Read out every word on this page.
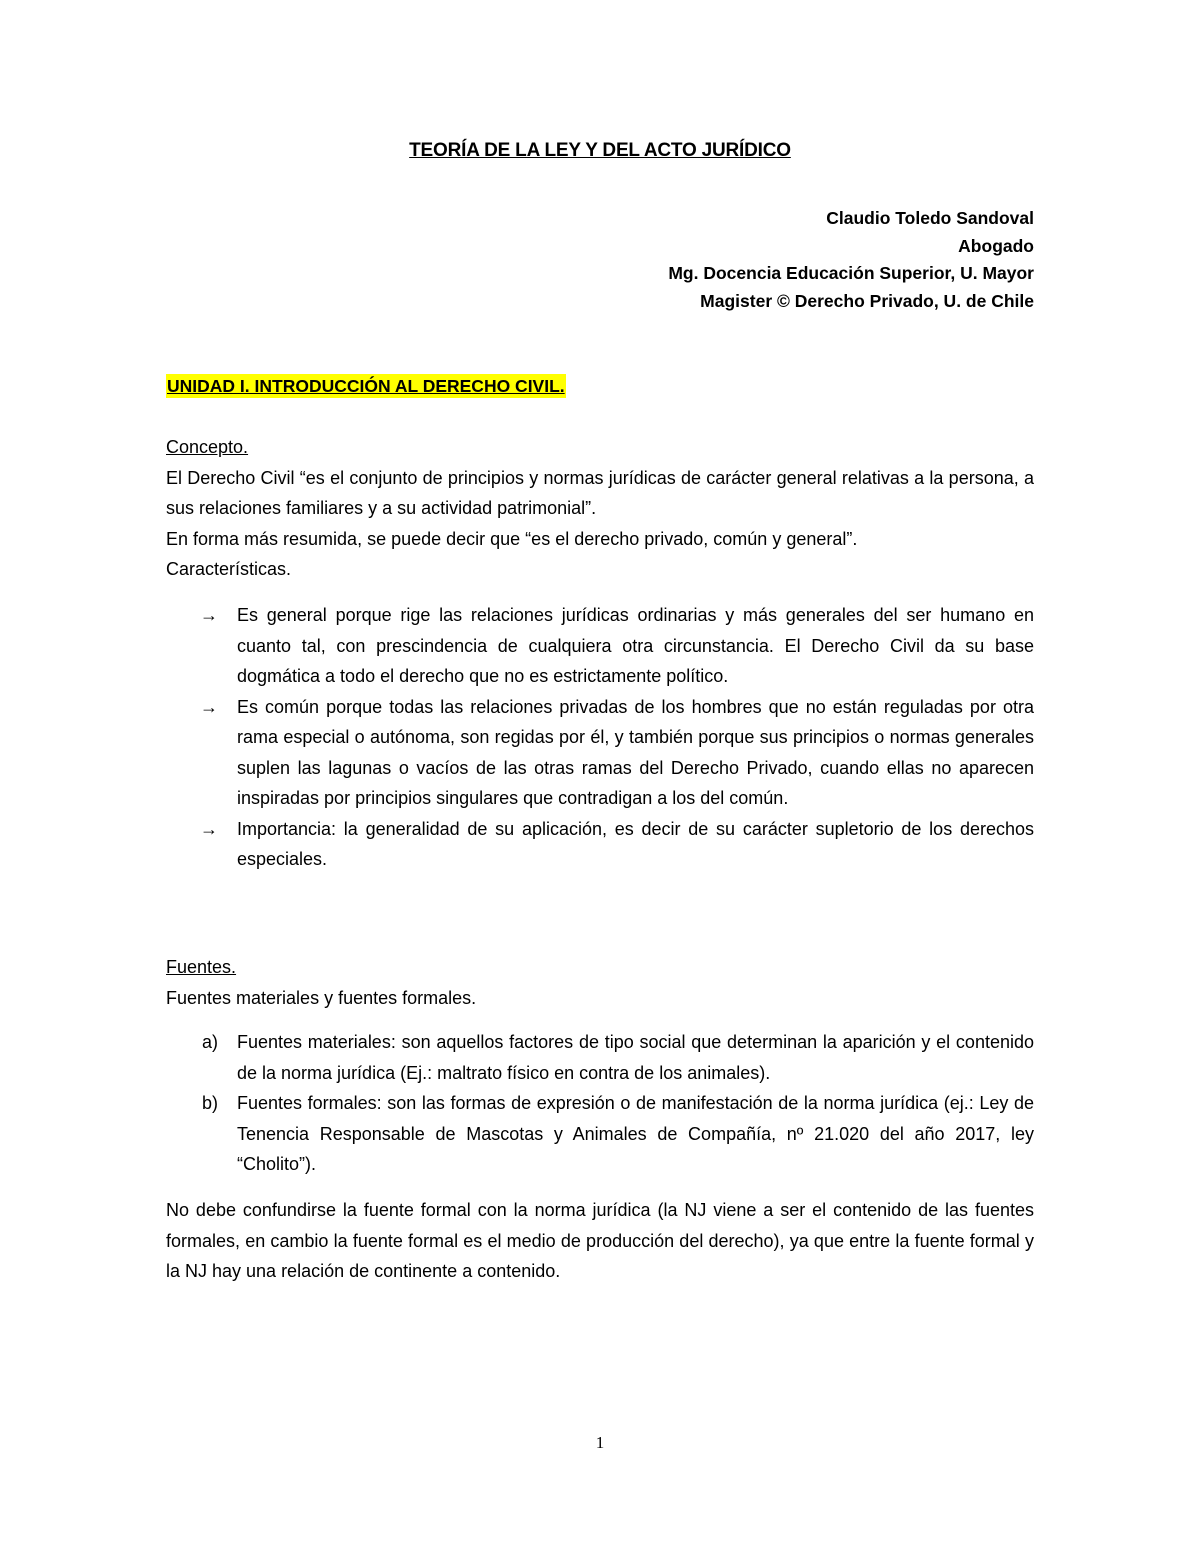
TEORÍA DE LA LEY Y DEL ACTO JURÍDICO
Claudio Toledo Sandoval
Abogado
Mg. Docencia Educación Superior, U. Mayor
Magister © Derecho Privado, U. de Chile
UNIDAD I. INTRODUCCIÓN AL DERECHO CIVIL.
Concepto.
El Derecho Civil “es el conjunto de principios y normas jurídicas de carácter general relativas a la persona, a sus relaciones familiares y a su actividad patrimonial”.
En forma más resumida, se puede decir que “es el derecho privado, común y general”.
Características.
→ Es general porque rige las relaciones jurídicas ordinarias y más generales del ser humano en cuanto tal, con prescindencia de cualquiera otra circunstancia. El Derecho Civil da su base dogmática a todo el derecho que no es estrictamente político.
→ Es común porque todas las relaciones privadas de los hombres que no están reguladas por otra rama especial o autónoma, son regidas por él, y también porque sus principios o normas generales suplen las lagunas o vacíos de las otras ramas del Derecho Privado, cuando ellas no aparecen inspiradas por principios singulares que contradigan a los del común.
→ Importancia: la generalidad de su aplicación, es decir de su carácter supletorio de los derechos especiales.
Fuentes.
Fuentes materiales y fuentes formales.
a) Fuentes materiales: son aquellos factores de tipo social que determinan la aparición y el contenido de la norma jurídica (Ej.: maltrato físico en contra de los animales).
b) Fuentes formales: son las formas de expresión o de manifestación de la norma jurídica (ej.: Ley de Tenencia Responsable de Mascotas y Animales de Compañía, nº 21.020 del año 2017, ley “Cholito”).
No debe confundirse la fuente formal con la norma jurídica (la NJ viene a ser el contenido de las fuentes formales, en cambio la fuente formal es el medio de producción del derecho), ya que entre la fuente formal y la NJ hay una relación de continente a contenido.
1
